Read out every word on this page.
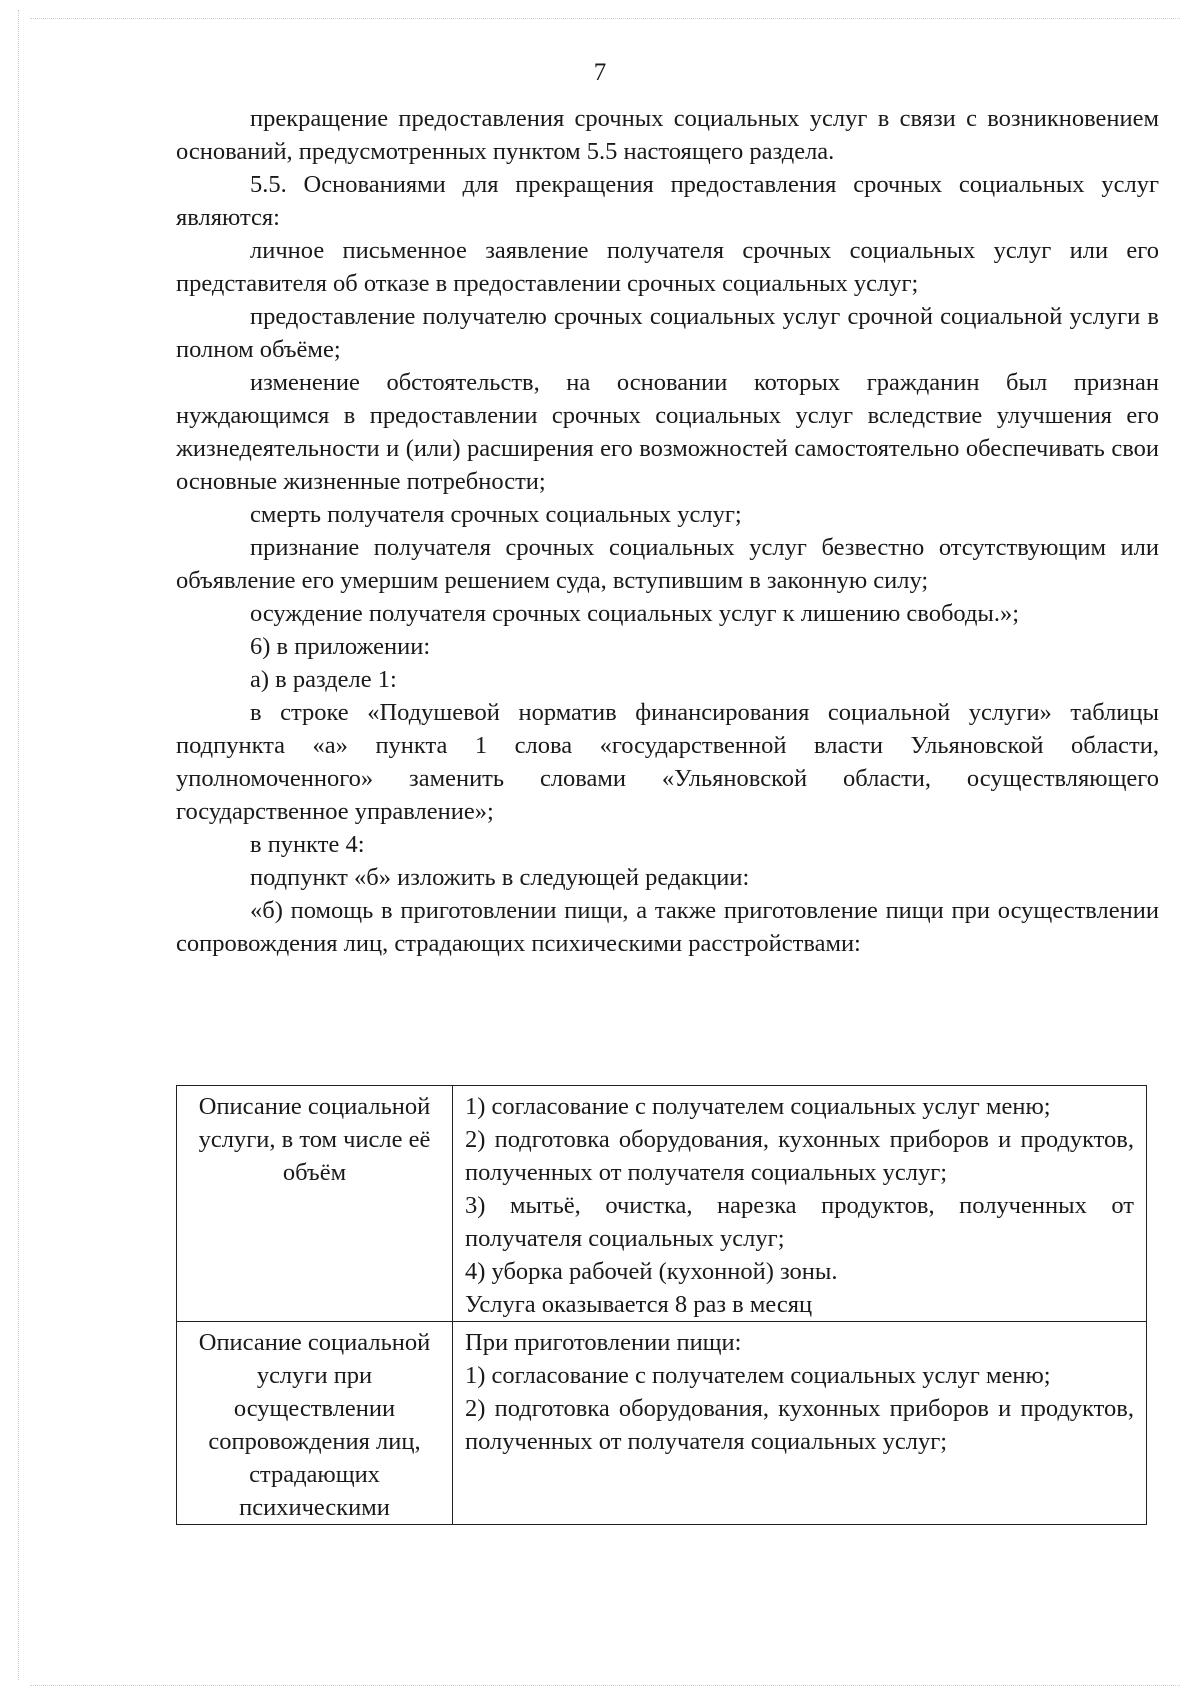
7

прекращение предоставления срочных социальных услуг в связи с возникновением оснований, предусмотренных пунктом 5.5 настоящего раздела.

5.5. Основаниями для прекращения предоставления срочных социальных услуг являются:

личное письменное заявление получателя срочных социальных услуг или его представителя об отказе в предоставлении срочных социальных услуг;

предоставление получателю срочных социальных услуг срочной социальной услуги в полном объёме;

изменение обстоятельств, на основании которых гражданин был признан нуждающимся в предоставлении срочных социальных услуг вследствие улучшения его жизнедеятельности и (или) расширения его возможностей самостоятельно обеспечивать свои основные жизненные потребности;

смерть получателя срочных социальных услуг;

признание получателя срочных социальных услуг безвестно отсутствующим или объявление его умершим решением суда, вступившим в законную силу;

осуждение получателя срочных социальных услуг к лишению свободы.»;

6) в приложении:

а) в разделе 1:

в строке «Подушевой норматив финансирования социальной услуги» таблицы подпункта «а» пункта 1 слова «государственной власти Ульяновской области, уполномоченного» заменить словами «Ульяновской области, осуществляющего государственное управление»;

в пункте 4:

подпункт «б» изложить в следующей редакции:

«б) помощь в приготовлении пищи, а также приготовление пищи при осуществлении сопровождения лиц, страдающих психическими расстройствами:

Описание социальной услуги, в том числе её объём	1) согласование с получателем социальных услуг меню;
2) подготовка оборудования, кухонных приборов и продуктов, полученных от получателя социальных услуг;
3) мытьё, очистка, нарезка продуктов, полученных от получателя социальных услуг;
4) уборка рабочей (кухонной) зоны.
Услуга оказывается 8 раз в месяц

Описание социальной услуги при осуществлении сопровождения лиц, страдающих психическими	При приготовлении пищи:
1) согласование с получателем социальных услуг меню;
2) подготовка оборудования, кухонных приборов и продуктов, полученных от получателя социальных услуг;
